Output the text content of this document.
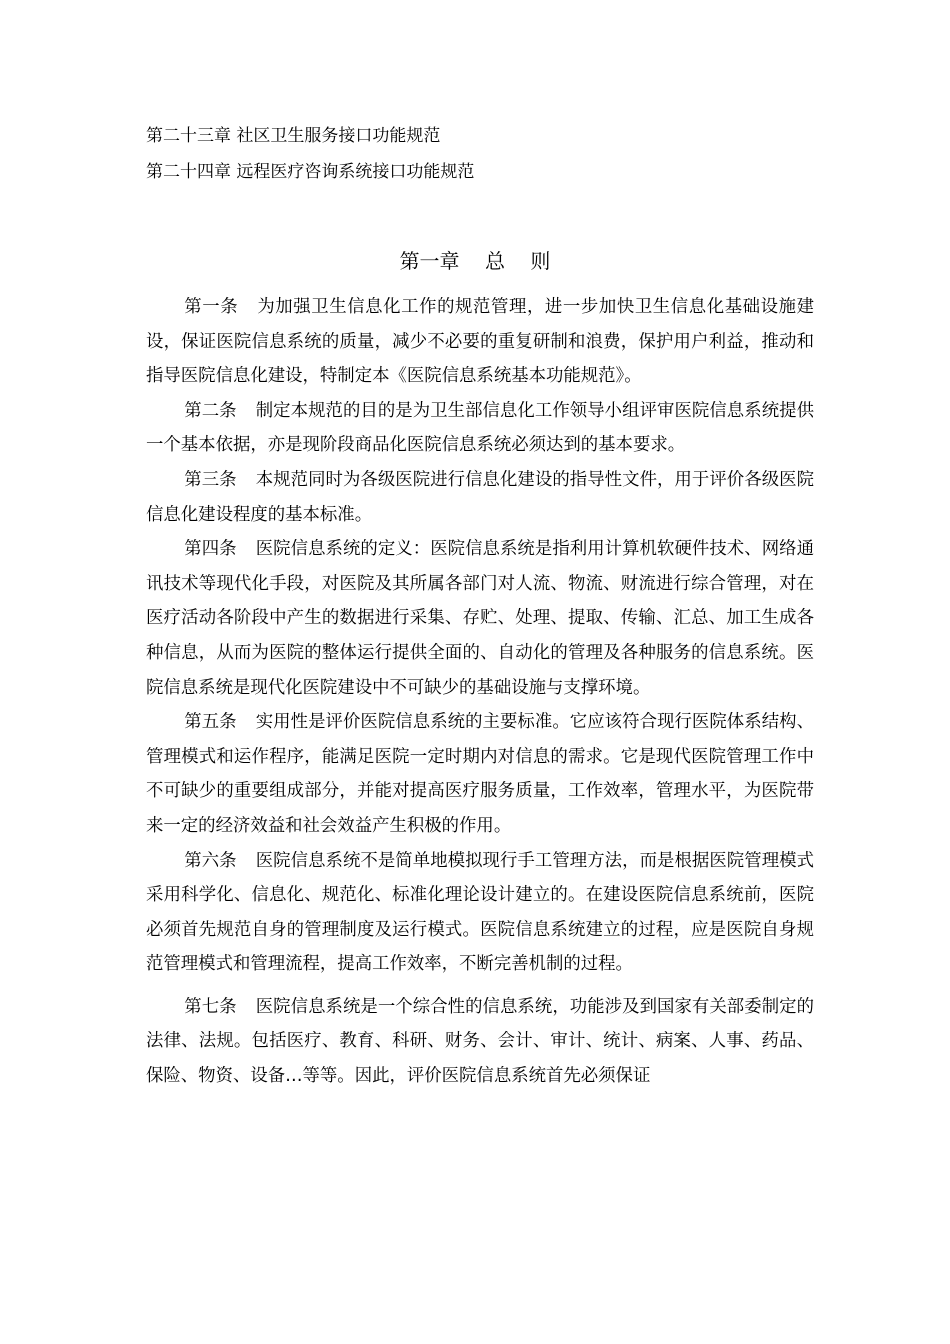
第二十三章 社区卫生服务接口功能规范
第二十四章 远程医疗咨询系统接口功能规范
第一章    总    则

第一条 为加强卫生信息化工作的规范管理，进一步加快卫生信息化基础设施建设，保证医院信息系统的质量，减少不必要的重复研制和浪费，保护用户利益，推动和指导医院信息化建设，特制定本《医院信息系统基本功能规范》。

第二条 制定本规范的目的是为卫生部信息化工作领导小组评审医院信息系统提供一个基本依据，亦是现阶段商品化医院信息系统必须达到的基本要求。

第三条 本规范同时为各级医院进行信息化建设的指导性文件，用于评价各级医院信息化建设程度的基本标准。

第四条 医院信息系统的定义：医院信息系统是指利用计算机软硬件技术、网络通讯技术等现代化手段，对医院及其所属各部门对人流、物流、财流进行综合管理，对在医疗活动各阶段中产生的数据进行采集、存贮、处理、提取、传输、汇总、加工生成各种信息，从而为医院的整体运行提供全面的、自动化的管理及各种服务的信息系统。医院信息系统是现代化医院建设中不可缺少的基础设施与支撑环境。

第五条 实用性是评价医院信息系统的主要标准。它应该符合现行医院体系结构、管理模式和运作程序，能满足医院一定时期内对信息的需求。它是现代医院管理工作中不可缺少的重要组成部分，并能对提高医疗服务质量，工作效率，管理水平，为医院带来一定的经济效益和社会效益产生积极的作用。

第六条 医院信息系统不是简单地模拟现行手工管理方法，而是根据医院管理模式采用科学化、信息化、规范化、标准化理论设计建立的。在建设医院信息系统前，医院必须首先规范自身的管理制度及运行模式。医院信息系统建立的过程，应是医院自身规范管理模式和管理流程，提高工作效率，不断完善机制的过程。

第七条 医院信息系统是一个综合性的信息系统，功能涉及到国家有关部委制定的法律、法规。包括医疗、教育、科研、财务、会计、审计、统计、病案、人事、药品、保险、物资、设备…等等。因此，评价医院信息系统首先必须保证
